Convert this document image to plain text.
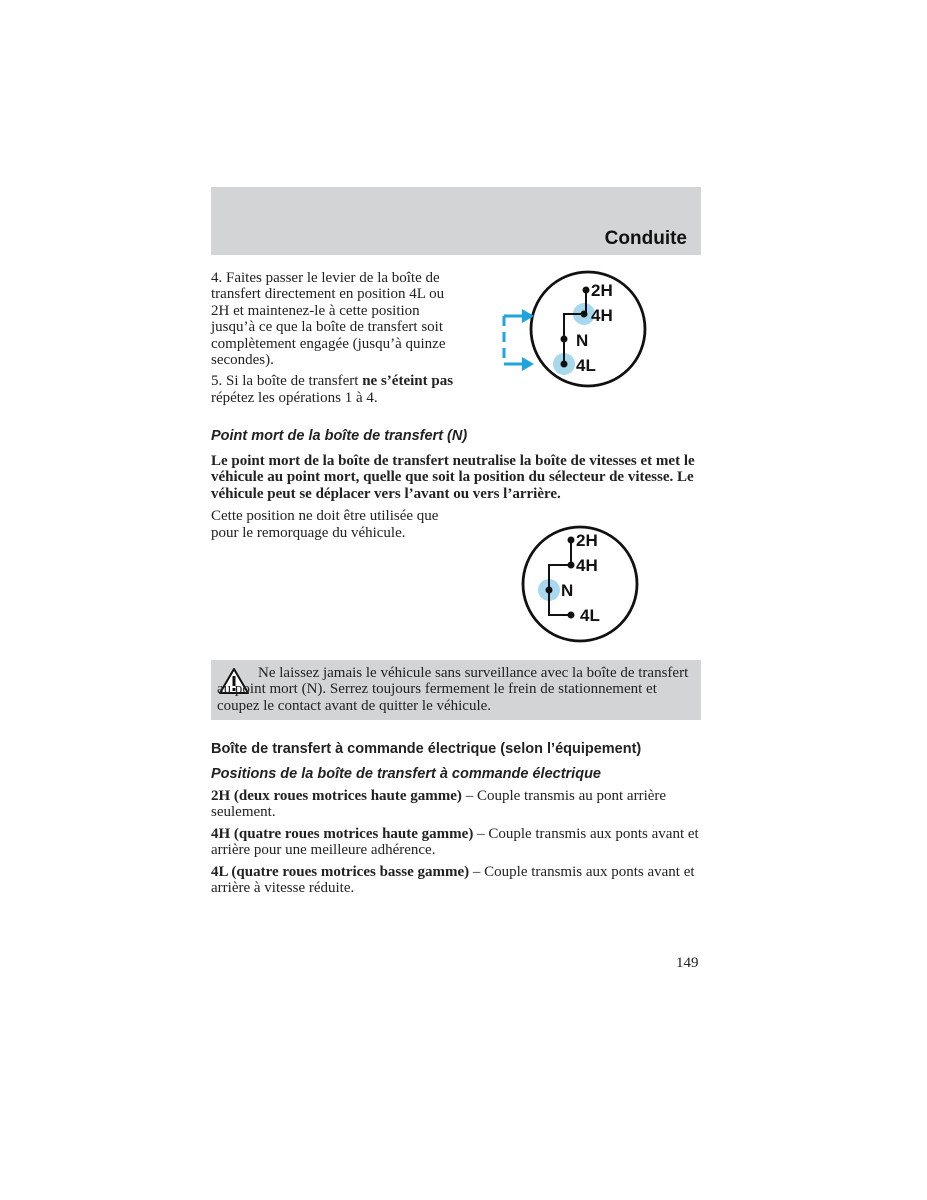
Conduite

4. Faites passer le levier de la boîte de transfert directement en position 4L ou 2H et maintenez-le à cette position jusqu’à ce que la boîte de transfert soit complètement engagée (jusqu’à quinze secondes).

5. Si la boîte de transfert ne s’éteint pas répétez les opérations 1 à 4.

2H
4H
N
4L

Point mort de la boîte de transfert (N)

Le point mort de la boîte de transfert neutralise la boîte de vitesses et met le véhicule au point mort, quelle que soit la position du sélecteur de vitesse. Le véhicule peut se déplacer vers l’avant ou vers l’arrière.

Cette position ne doit être utilisée que pour le remorquage du véhicule.	2H
4H
N
4L

Ne laissez jamais le véhicule sans surveillance avec la boîte de transfert au point mort (N). Serrez toujours fermement le frein de stationnement et coupez le contact avant de quitter le véhicule.

Boîte de transfert à commande électrique (selon l’équipement)

Positions de la boîte de transfert à commande électrique

2H (deux roues motrices haute gamme) – Couple transmis au pont arrière seulement.

4H (quatre roues motrices haute gamme) – Couple transmis aux ponts avant et arrière pour une meilleure adhérence.

4L (quatre roues motrices basse gamme) – Couple transmis aux ponts avant et arrière à vitesse réduite.

149
